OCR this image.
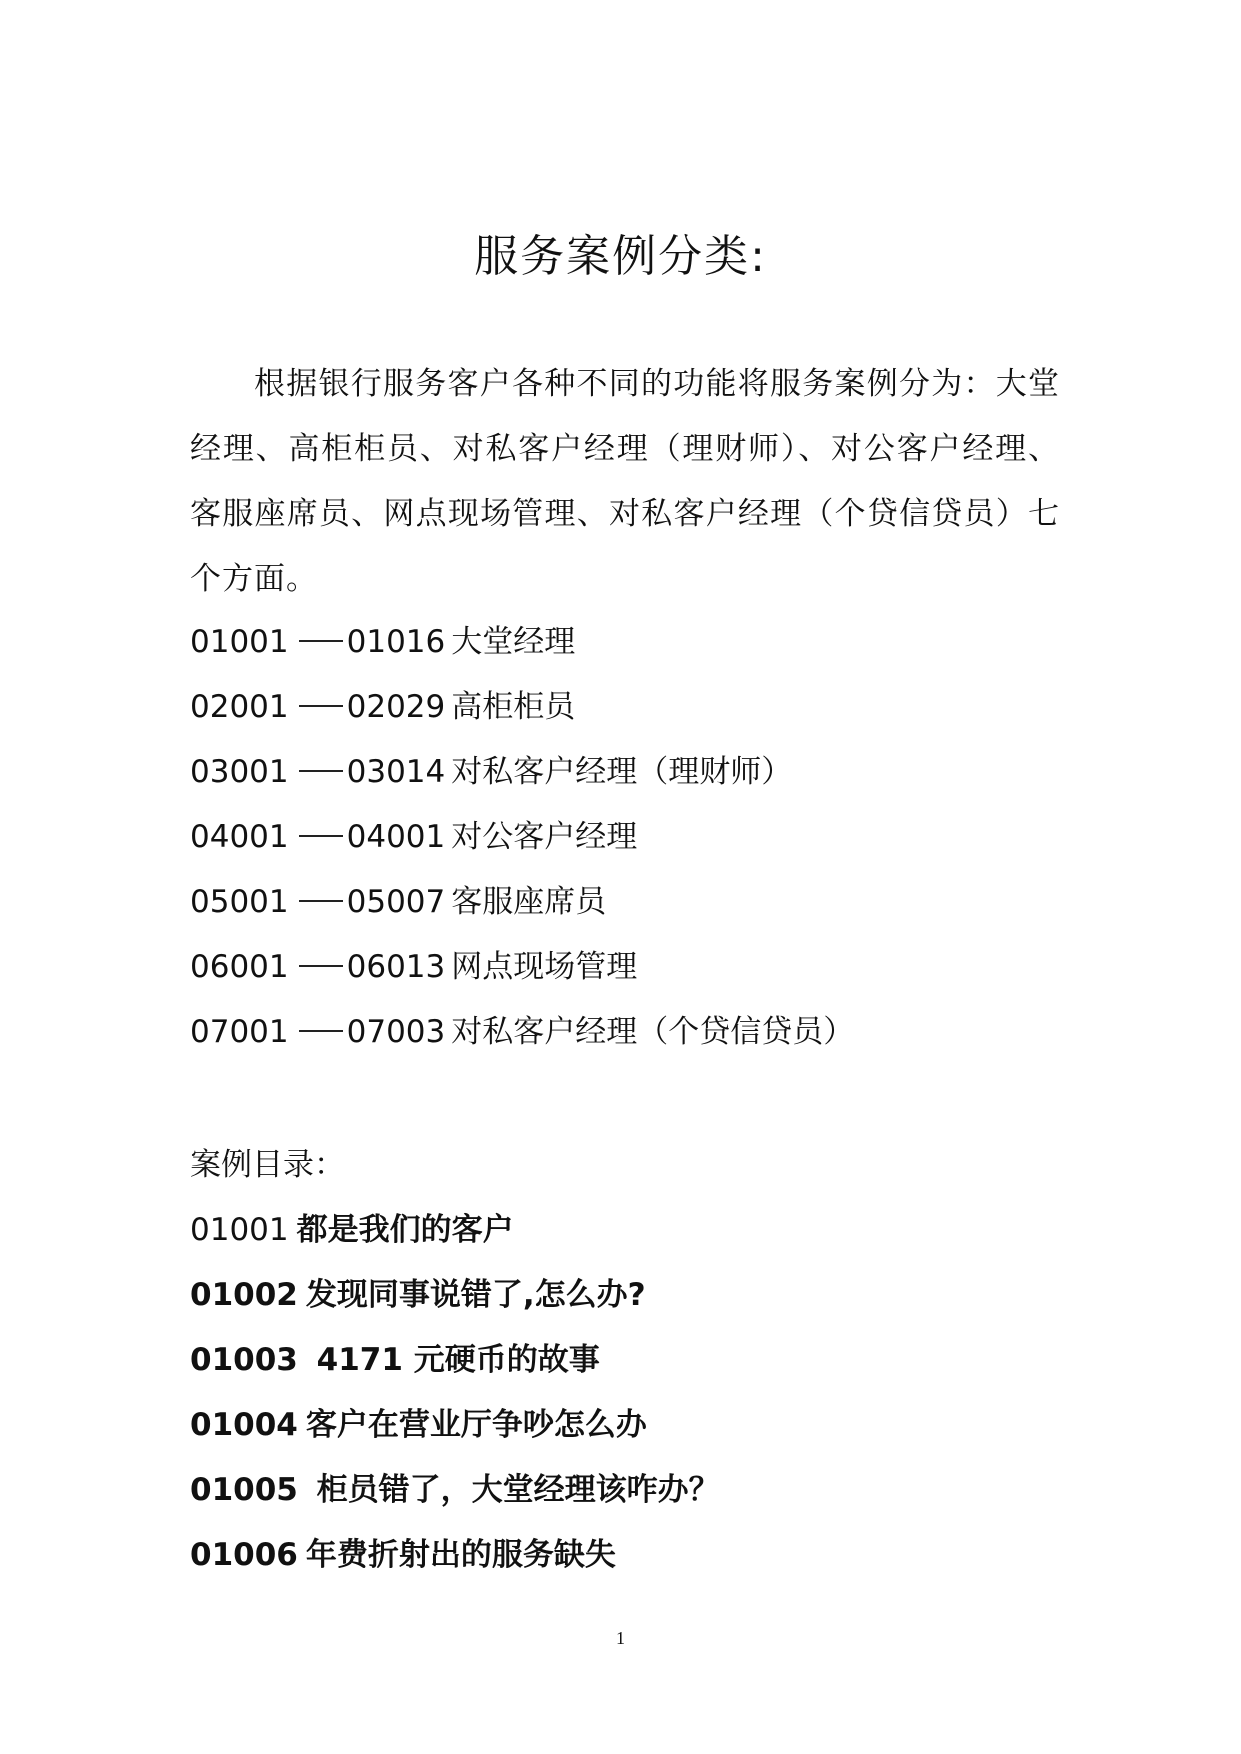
服务案例分类:

根据银行服务客户各种不同的功能将服务案例分为：大堂经理、高柜柜员、对私客户经理（理财师）、对公客户经理、客服座席员、网点现场管理、对私客户经理（个贷信贷员）七个方面。

01001 01016 大堂经理
02001 02029 高柜柜员
03001 03014 对私客户经理（理财师）
04001 04001 对公客户经理
05001 05007 客服座席员
06001 06013 网点现场管理
07001 07003 对私客户经理（个贷信贷员）
案例目录：
01001 都是我们的客户
01002 发现同事说错了,怎么办?
01003 4171 元硬币的故事
01004 客户在营业厅争吵怎么办
01005 柜员错了，大堂经理该咋办？
01006 年费折射出的服务缺失
1
